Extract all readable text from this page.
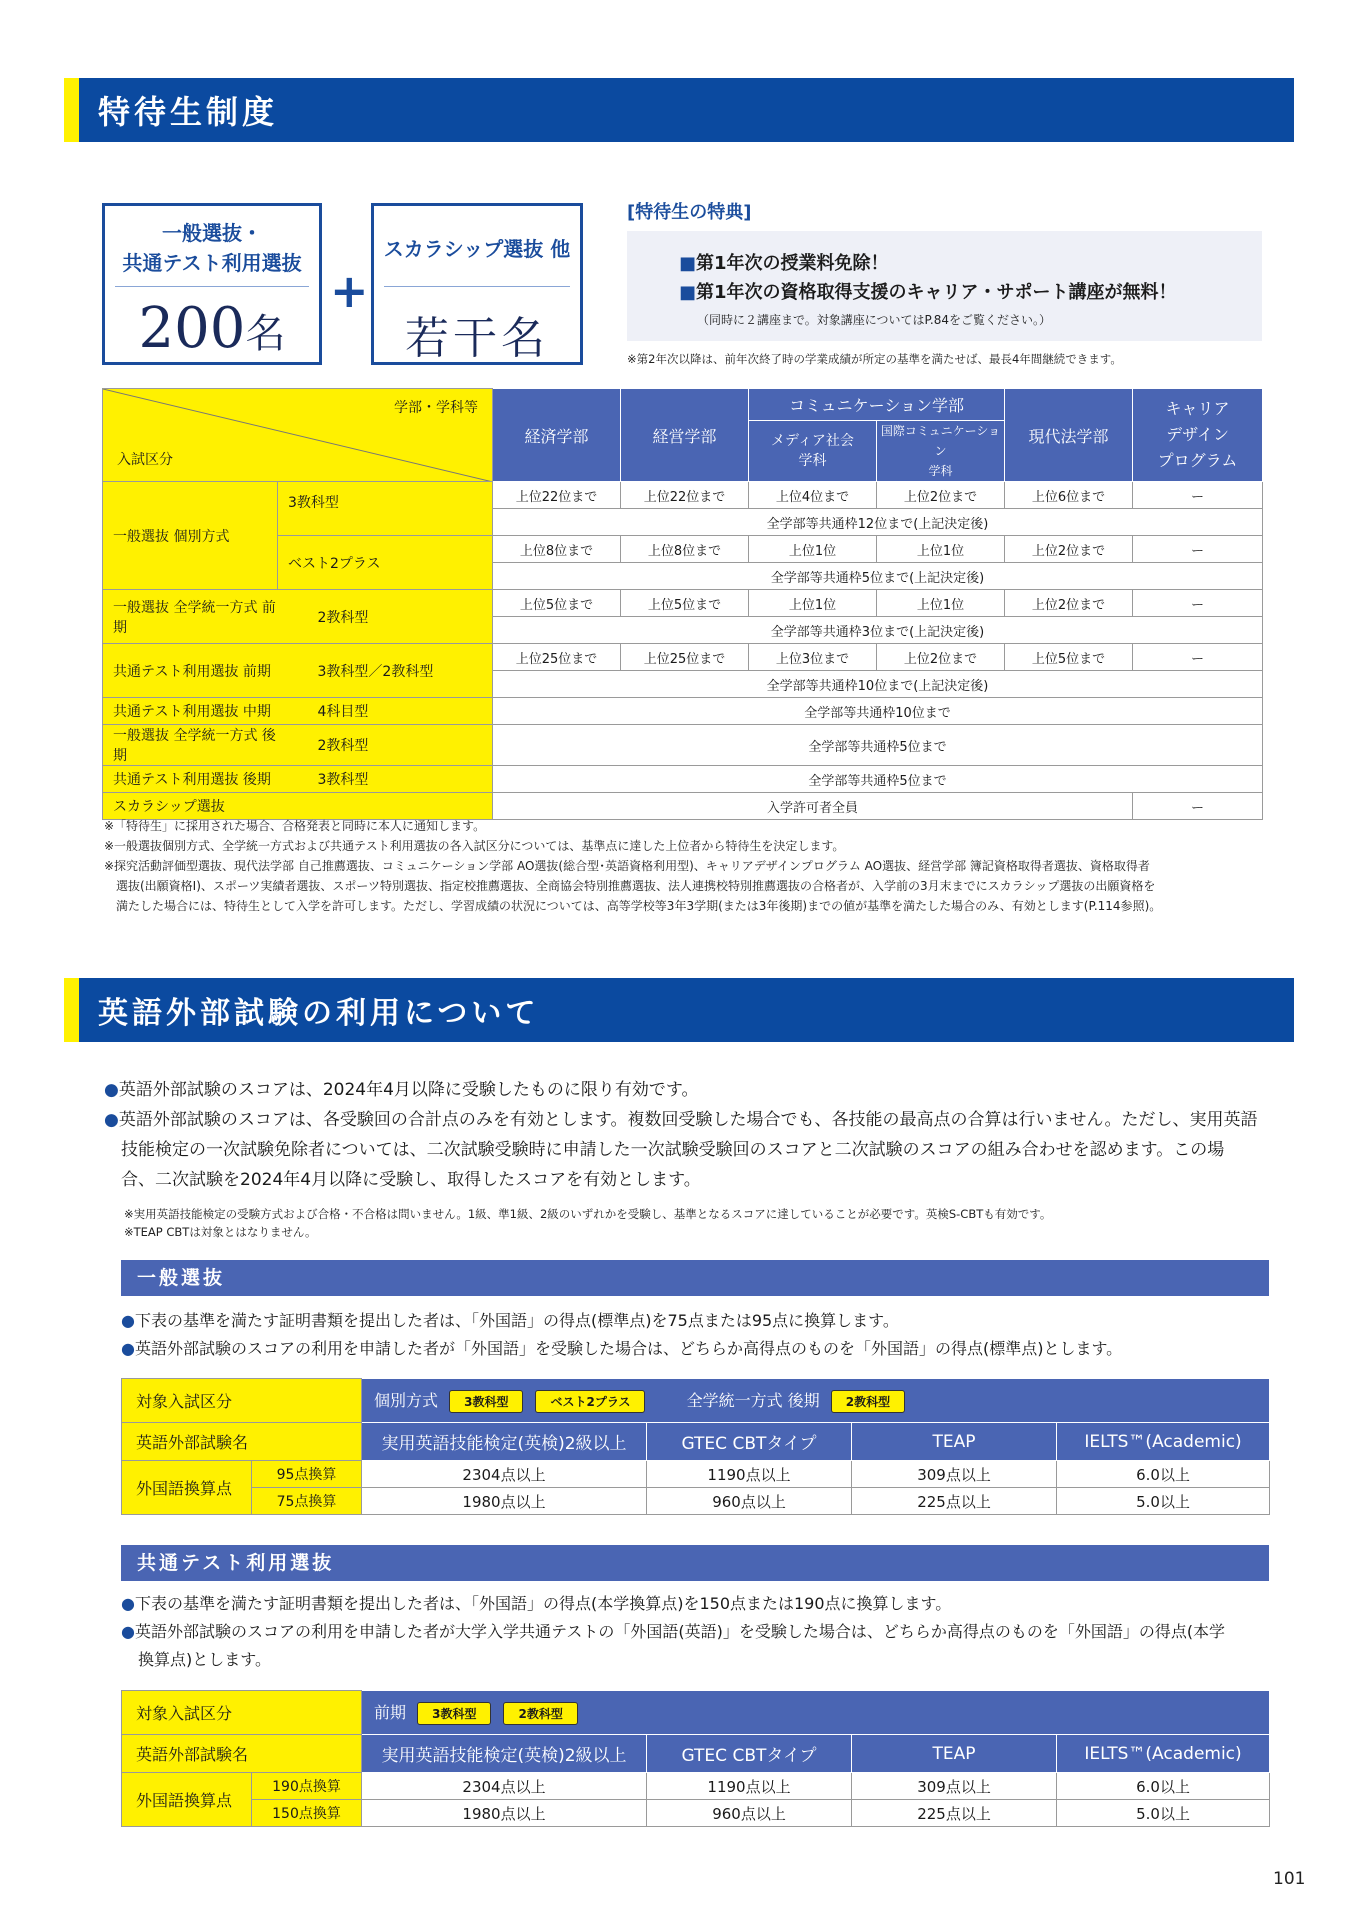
特待生制度
一般選抜・
共通テスト利用選抜
200名
+
スカラシップ選抜 他
若干名
[特待生の特典]
■第1年次の授業料免除！
■第1年次の資格取得支援のキャリア・サポート講座が無料！
（同時に２講座まで。対象講座についてはP.84をご覧ください。）
※第2年次以降は、前年次終了時の学業成績が所定の基準を満たせば、最長4年間継続できます。
学部・学科等
入試区分		経済学部	経営学部	コミュニケーション学部		現代法学部	キャリア
デザイン
プログラム
				メディア社会
学科	国際コミュニケーション
学科		
一般選抜 個別方式	3教科型	上位22位まで	上位22位まで	上位4位まで	上位2位まで	上位6位まで	ー
		全学部等共通枠12位まで(上記決定後)					
	ベスト2プラス	上位8位まで	上位8位まで	上位1位	上位1位	上位2位まで	ー
		全学部等共通枠5位まで(上記決定後)					
一般選抜 全学統一方式 前期	2教科型	上位5位まで	上位5位まで	上位1位	上位1位	上位2位まで	ー
		全学部等共通枠3位まで(上記決定後)					
共通テスト利用選抜 前期	3教科型／2教科型	上位25位まで	上位25位まで	上位3位まで	上位2位まで	上位5位まで	ー
		全学部等共通枠10位まで(上記決定後)					
共通テスト利用選抜 中期	4科目型	全学部等共通枠10位まで					
一般選抜 全学統一方式 後期	2教科型	全学部等共通枠5位まで					
共通テスト利用選抜 後期	3教科型	全学部等共通枠5位まで					
スカラシップ選抜		入学許可者全員					ー
※「特待生」に採用された場合、合格発表と同時に本人に通知します。
※一般選抜個別方式、全学統一方式および共通テスト利用選抜の各入試区分については、基準点に達した上位者から特待生を決定します。
※探究活動評価型選抜、現代法学部 自己推薦選抜、コミュニケーション学部 AO選抜(総合型･英語資格利用型)、キャリアデザインプログラム AO選抜、経営学部 簿記資格取得者選抜、資格取得者
　選抜(出願資格I)、スポーツ実績者選抜、スポーツ特別選抜、指定校推薦選抜、全商協会特別推薦選抜、法人連携校特別推薦選抜の合格者が、入学前の3月末までにスカラシップ選抜の出願資格を
　満たした場合には、特待生として入学を許可します。ただし、学習成績の状況については、高等学校等3年3学期(または3年後期)までの値が基準を満たした場合のみ、有効とします(P.114参照)。
英語外部試験の利用について
●英語外部試験のスコアは、2024年4月以降に受験したものに限り有効です。
●英語外部試験のスコアは、各受験回の合計点のみを有効とします。複数回受験した場合でも、各技能の最高点の合算は行いません。ただし、実用英語
技能検定の一次試験免除者については、二次試験受験時に申請した一次試験受験回のスコアと二次試験のスコアの組み合わせを認めます。この場
合、二次試験を2024年4月以降に受験し、取得したスコアを有効とします。
※実用英語技能検定の受験方式および合格・不合格は問いません。1級、準1級、2級のいずれかを受験し、基準となるスコアに達していることが必要です。英検S-CBTも有効です。
※TEAP CBTは対象とはなりません。
一般選抜
●下表の基準を満たす証明書類を提出した者は、「外国語」の得点(標準点)を75点または95点に換算します。
●英語外部試験のスコアの利用を申請した者が「外国語」を受験した場合は、どちらか高得点のものを「外国語」の得点(標準点)とします。
対象入試区分		個別方式 3教科型 ベスト2プラス 全学統一方式 後期 2教科型			
英語外部試験名		実用英語技能検定(英検)2級以上	GTEC CBTタイプ	TEAP	IELTS™(Academic)
外国語換算点	95点換算	2304点以上	1190点以上	309点以上	6.0以上
	75点換算	1980点以上	960点以上	225点以上	5.0以上
共通テスト利用選抜
●下表の基準を満たす証明書類を提出した者は、「外国語」の得点(本学換算点)を150点または190点に換算します。
●英語外部試験のスコアの利用を申請した者が大学入学共通テストの「外国語(英語)」を受験した場合は、どちらか高得点のものを「外国語」の得点(本学
換算点)とします。
対象入試区分		前期 3教科型 2教科型			
英語外部試験名		実用英語技能検定(英検)2級以上	GTEC CBTタイプ	TEAP	IELTS™(Academic)
外国語換算点	190点換算	2304点以上	1190点以上	309点以上	6.0以上
	150点換算	1980点以上	960点以上	225点以上	5.0以上
101
